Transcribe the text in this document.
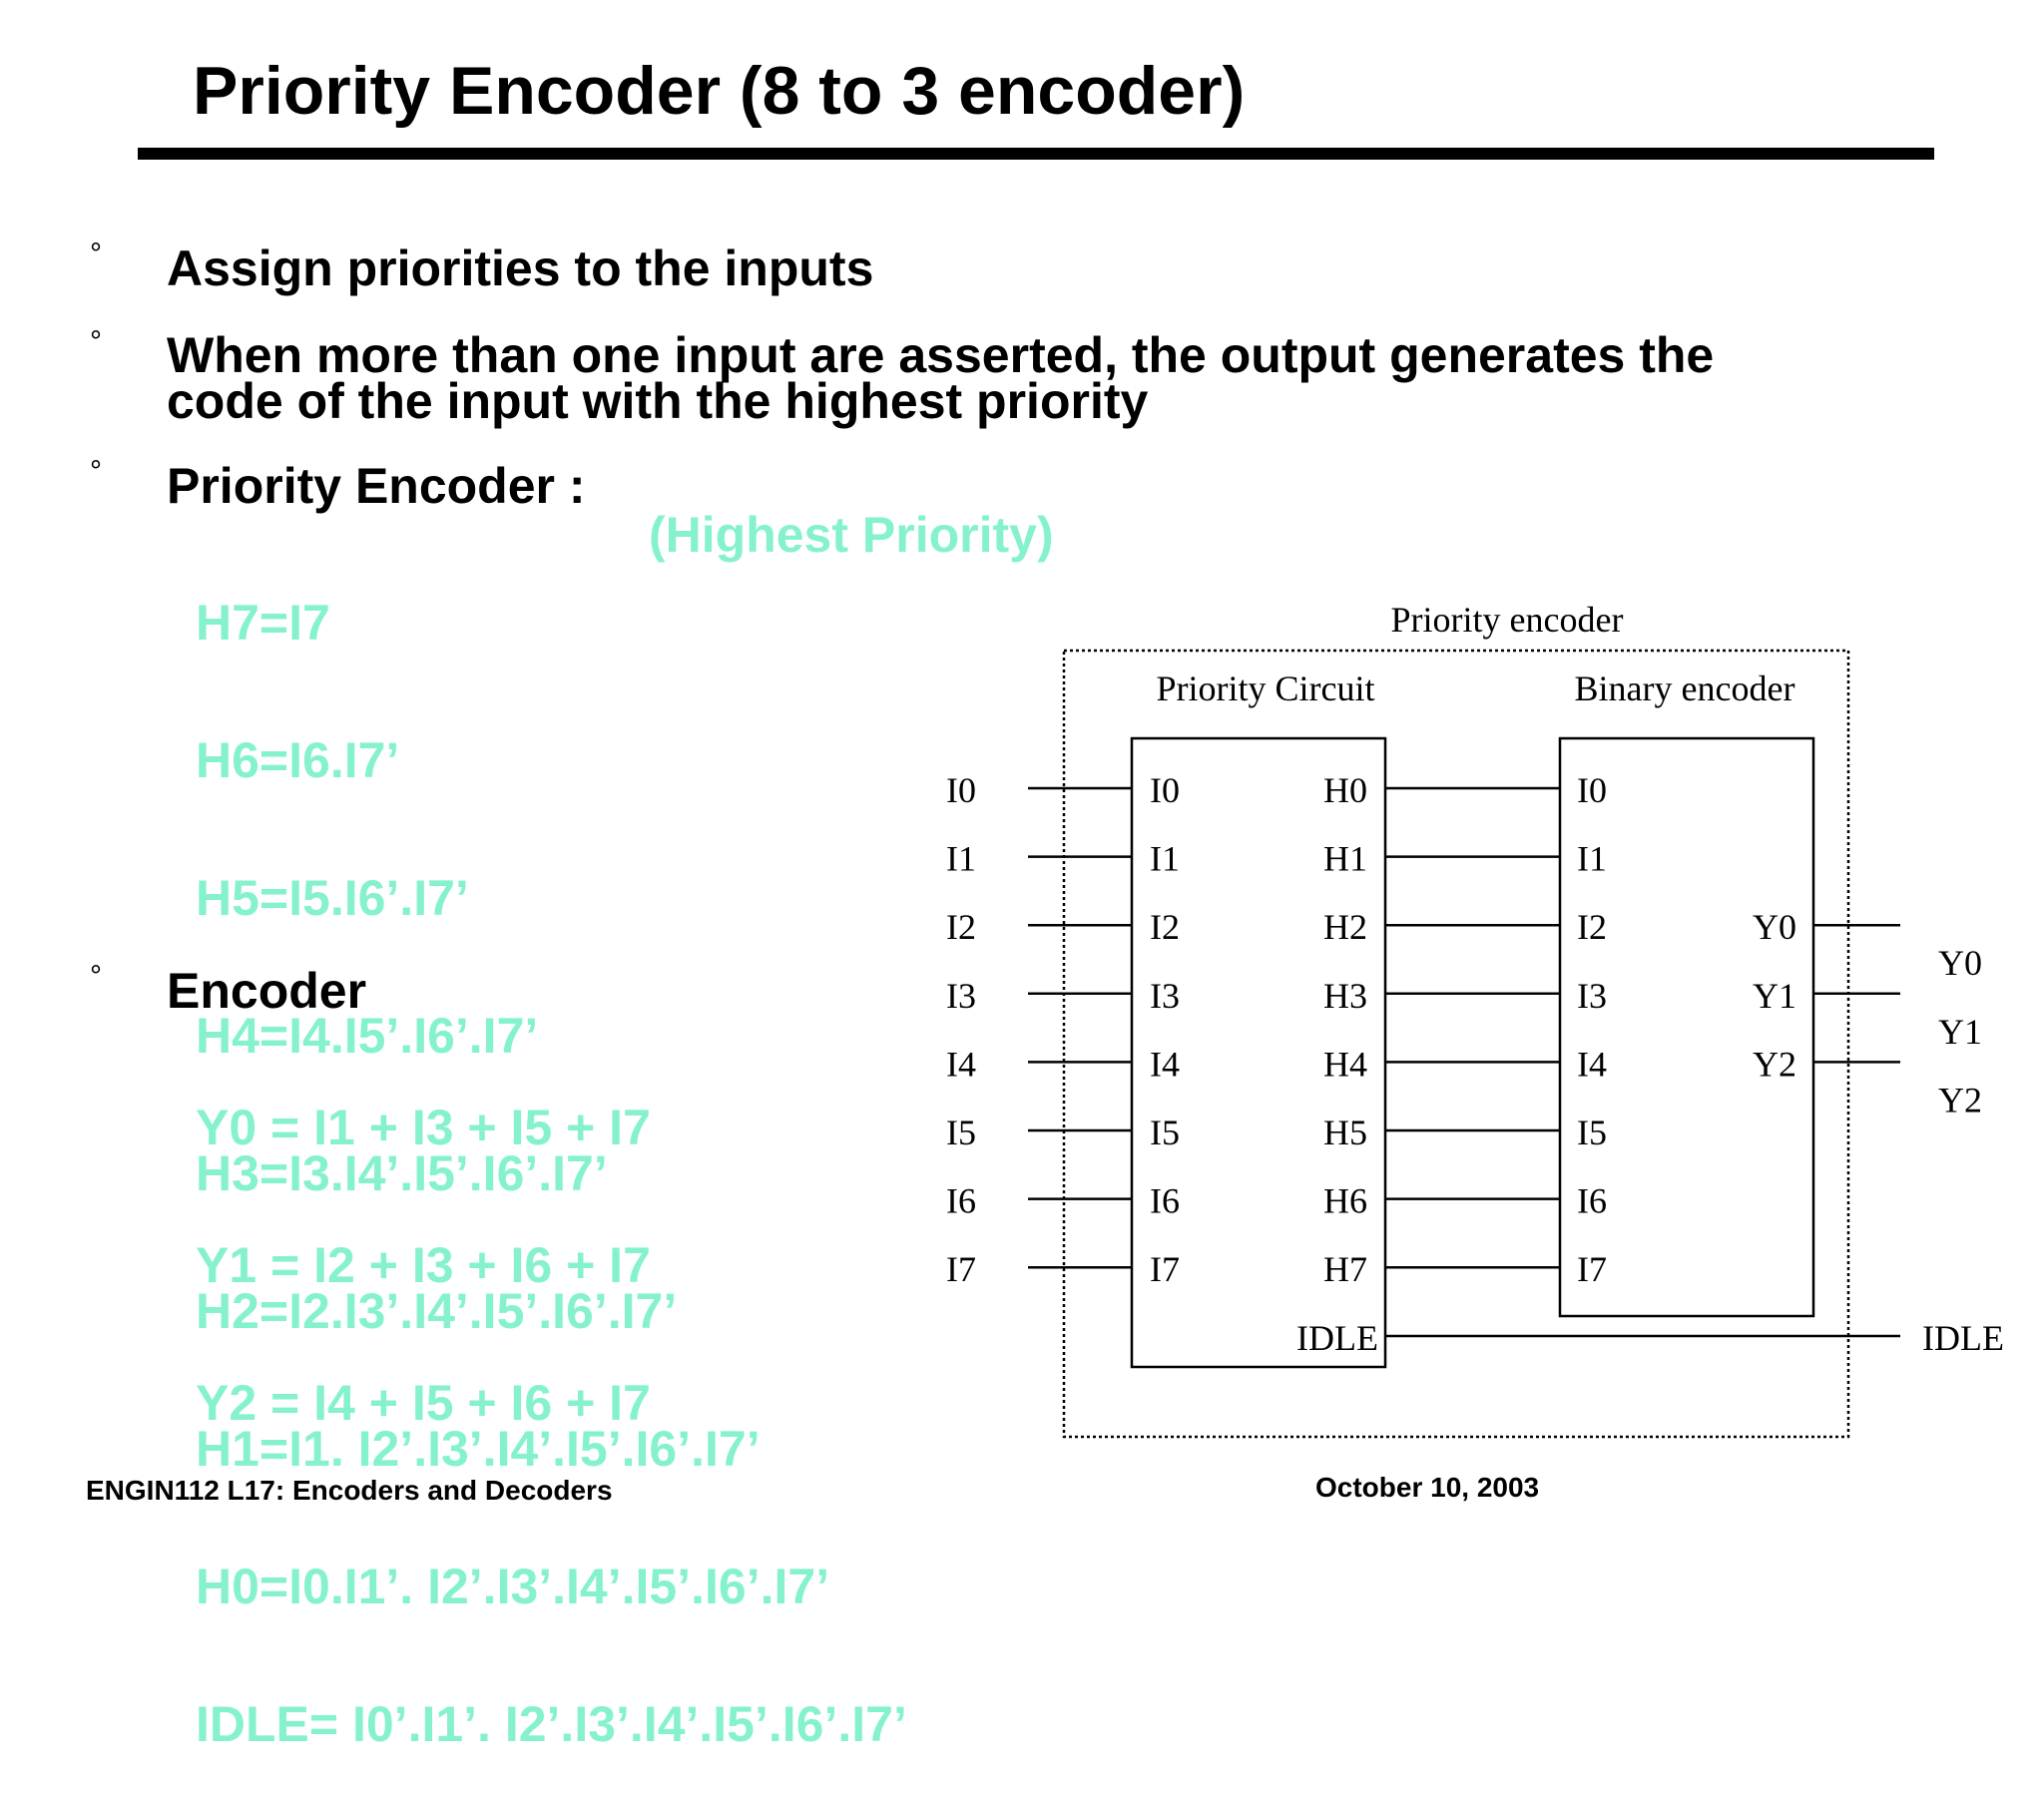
Priority Encoder (8 to 3 encoder)
° Assign priorities to the inputs
° When more than one input are asserted, the output generates the
code of the input with the highest priority
° Priority Encoder :

H7=I7

H6=I6.I7’

H5=I5.I6’.I7’

H4=I4.I5’.I6’.I7’

H3=I3.I4’.I5’.I6’.I7’

H2=I2.I3’.I4’.I5’.I6’.I7’

H1=I1. I2’.I3’.I4’.I5’.I6’.I7’

H0=I0.I1’. I2’.I3’.I4’.I5’.I6’.I7’

IDLE= I0’.I1’. I2’.I3’.I4’.I5’.I6’.I7’

(Highest Priority)
° Encoder

Y0 = I1 + I3 + I5 + I7

Y1 = I2 + I3 + I6 + I7

Y2 = I4 + I5 + I6 + I7

Priority encoder
Priority Circuit	Binary encoder
I0	I0	H0	I0
I1	I1	H1	I1
I2	I2	H2	I2
I3	I3	H3	I3
I4	I4	H4	I4
I5	I5	H5	I5
I6	I6	H6	I6
I7	I7	H7	I7
Y0
Y0
Y1
Y1
Y2
Y2
IDLE	IDLE
ENGIN112 L17: Encoders and Decoders	October 10, 2003
